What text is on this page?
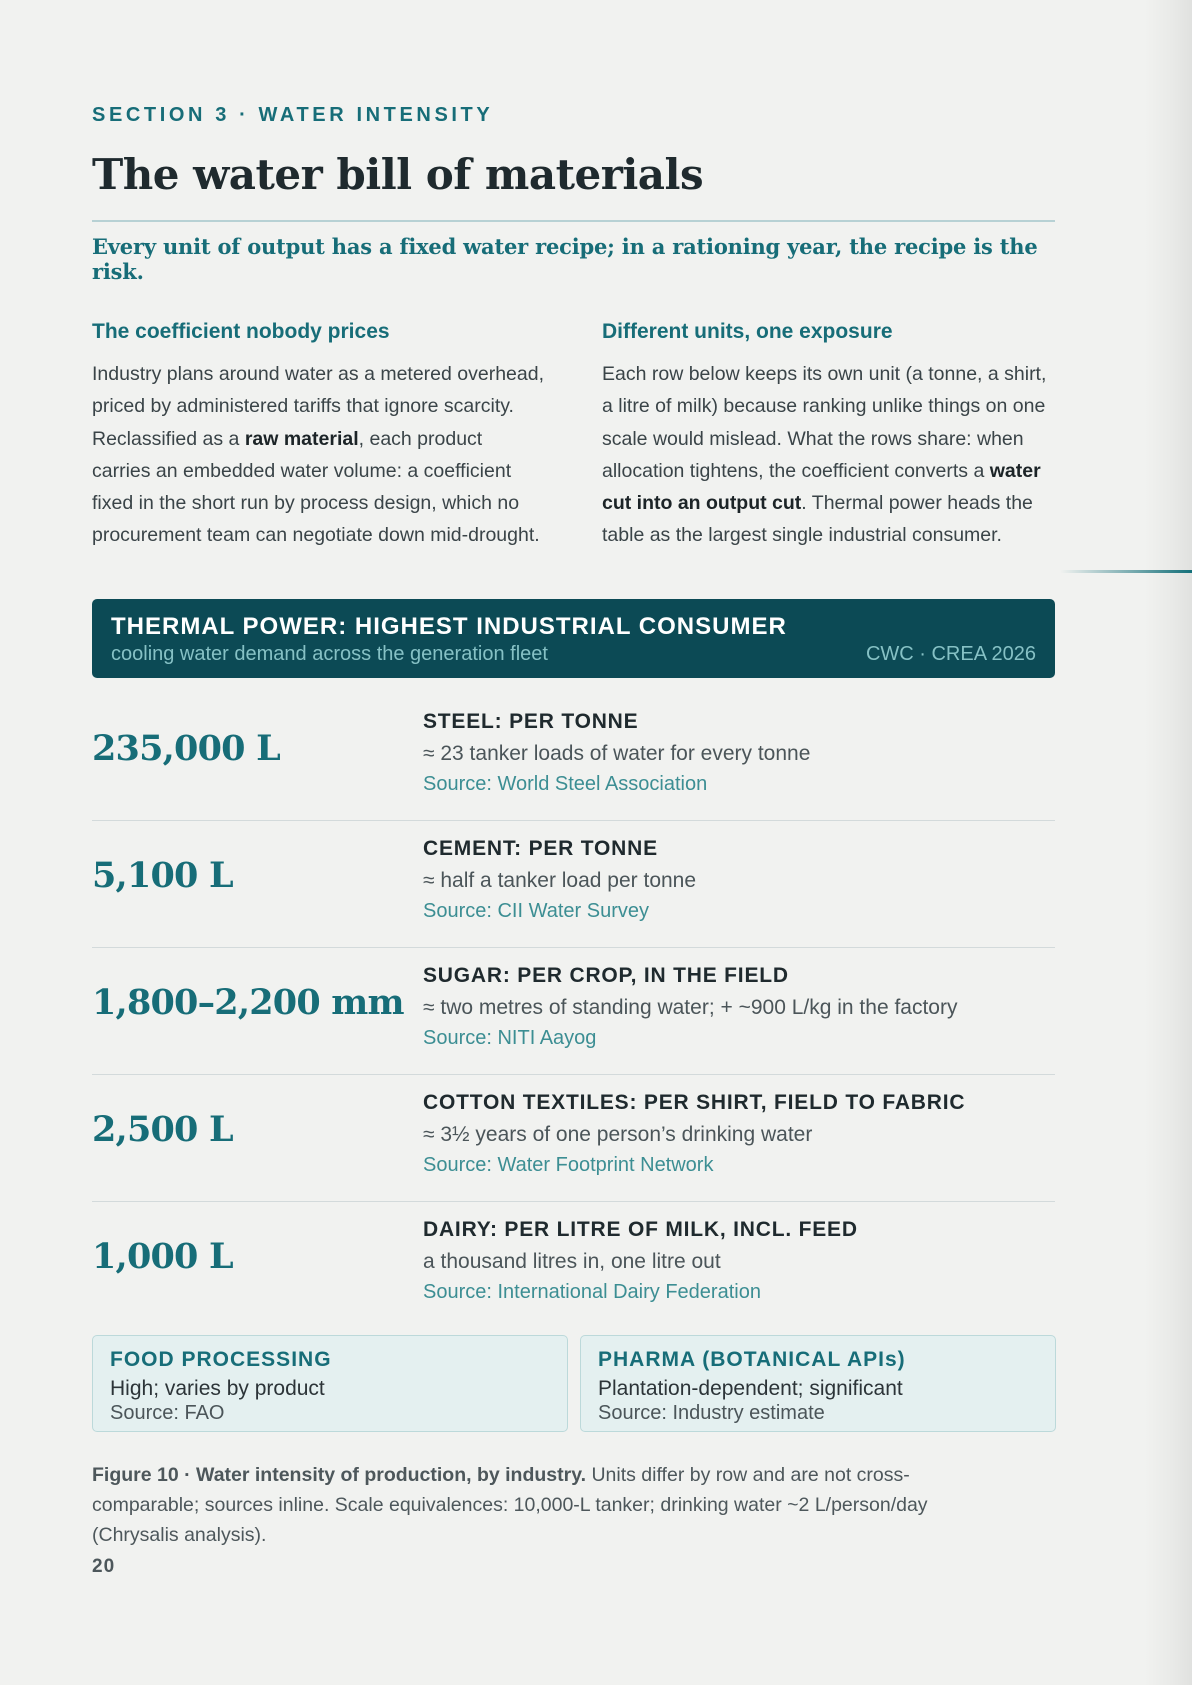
SECTION 3 · WATER INTENSITY
The water bill of materials
Every unit of output has a fixed water recipe; in a rationing year, the recipe is the risk.
The coefficient nobody prices

Industry plans around water as a metered overhead, priced by administered tariffs that ignore scarcity. Reclassified as a raw material, each product carries an embedded water volume: a coefficient fixed in the short run by process design, which no procurement team can negotiate down mid-drought.

Different units, one exposure

Each row below keeps its own unit (a tonne, a shirt, a litre of milk) because ranking unlike things on one scale would mislead. What the rows share: when allocation tightens, the coefficient converts a water cut into an output cut. Thermal power heads the table as the largest single industrial consumer.

THERMAL POWER: HIGHEST INDUSTRIAL CONSUMER
cooling water demand across the generation fleet	CWC · CREA 2026
235,000 L
STEEL: PER TONNE
≈ 23 tanker loads of water for every tonne
Source: World Steel Association
5,100 L
CEMENT: PER TONNE
≈ half a tanker load per tonne
Source: CII Water Survey
1,800–2,200 mm
SUGAR: PER CROP, IN THE FIELD
≈ two metres of standing water; + ~900 L/kg in the factory
Source: NITI Aayog
2,500 L
COTTON TEXTILES: PER SHIRT, FIELD TO FABRIC
≈ 3½ years of one person’s drinking water
Source: Water Footprint Network
1,000 L
DAIRY: PER LITRE OF MILK, INCL. FEED
a thousand litres in, one litre out
Source: International Dairy Federation
FOOD PROCESSING
High; varies by product
Source: FAO
PHARMA (BOTANICAL APIs)
Plantation-dependent; significant
Source: Industry estimate
Figure 10 · Water intensity of production, by industry. Units differ by row and are not cross-comparable; sources inline. Scale equivalences: 10,000-L tanker; drinking water ~2 L/person/day (Chrysalis analysis).
20
